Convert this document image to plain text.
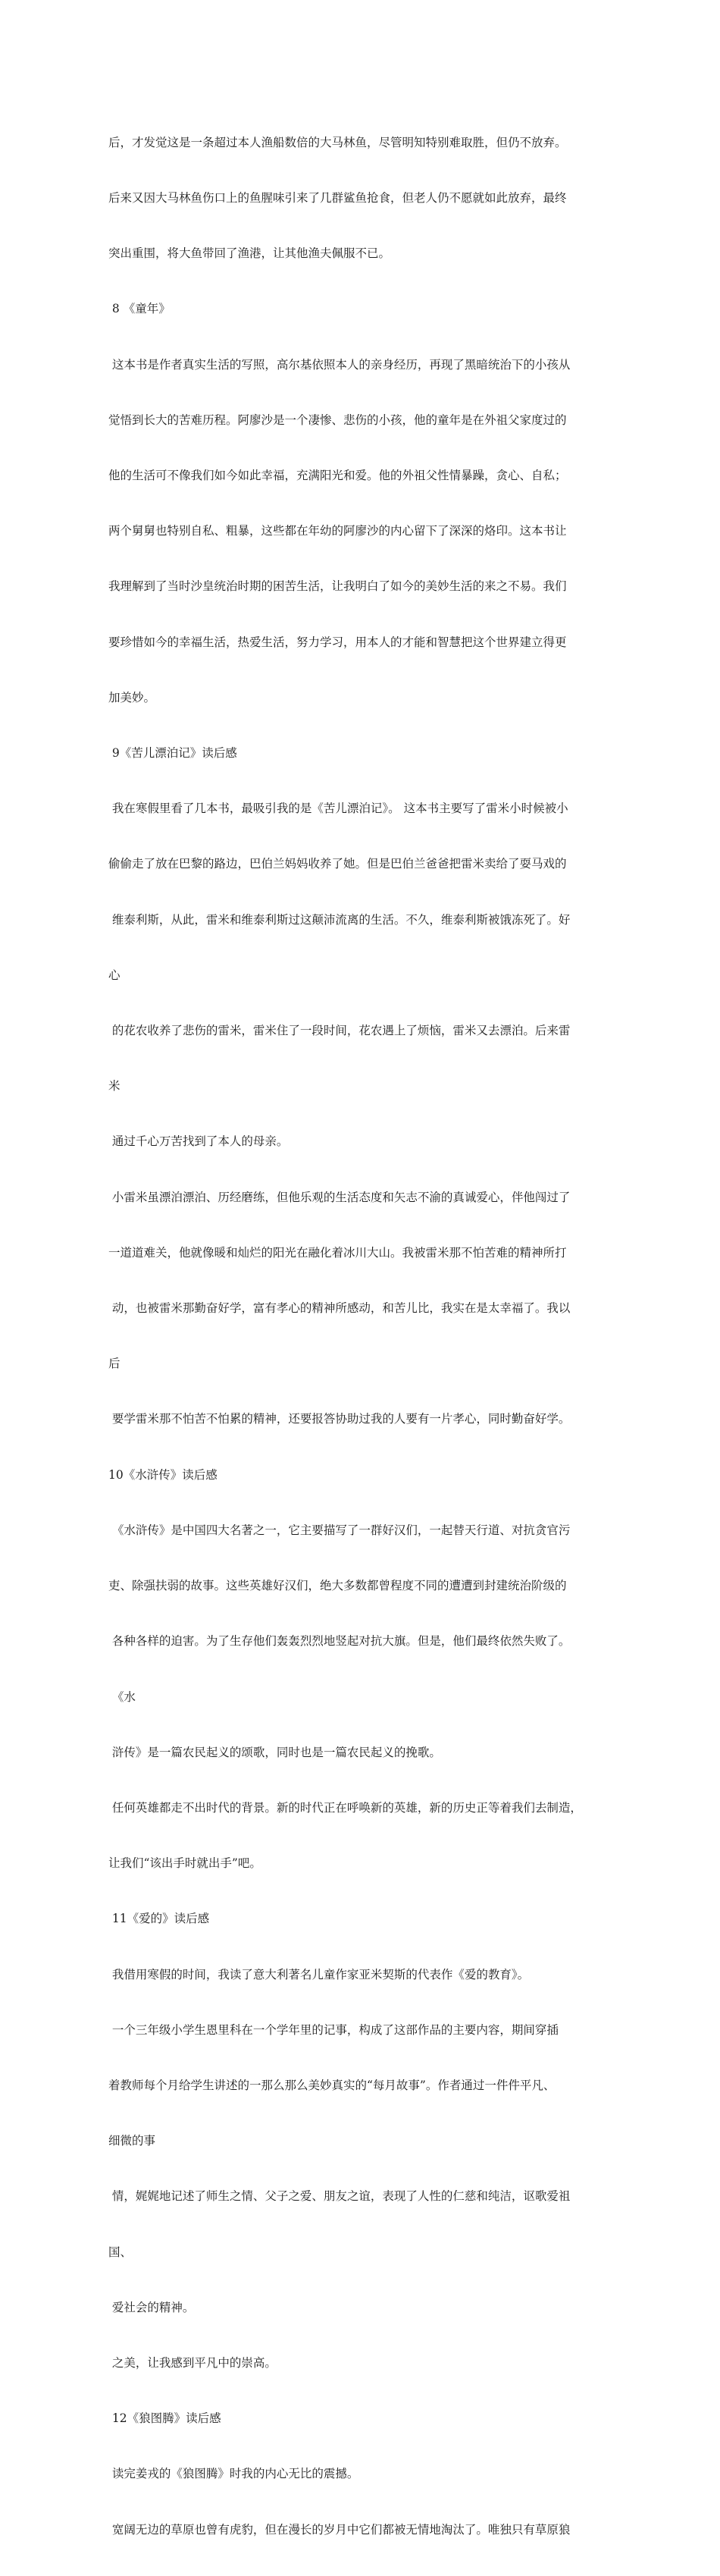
后，才发觉这是一条超过本人渔船数倍的大马林鱼，尽管明知特别难取胜，但仍不放弃。

后来又因大马林鱼伤口上的鱼腥味引来了几群鲨鱼抢食，但老人仍不愿就如此放弃，最终

突出重围，将大鱼带回了渔港，让其他渔夫佩服不已。

8 《童年》

这本书是作者真实生活的写照，高尔基依照本人的亲身经历，再现了黑暗统治下的小孩从

觉悟到长大的苦难历程。阿廖沙是一个凄惨、悲伤的小孩，他的童年是在外祖父家度过的

他的生活可不像我们如今如此幸福，充满阳光和爱。他的外祖父性情暴躁，贪心、自私；

两个舅舅也特别自私、粗暴，这些都在年幼的阿廖沙的内心留下了深深的烙印。这本书让

我理解到了当时沙皇统治时期的困苦生活，让我明白了如今的美妙生活的来之不易。我们

要珍惜如今的幸福生活，热爱生活，努力学习，用本人的才能和智慧把这个世界建立得更

加美妙。

9《苦儿漂泊记》读后感

我在寒假里看了几本书，最吸引我的是《苦儿漂泊记》。 这本书主要写了雷米小时候被小

偷偷走了放在巴黎的路边，巴伯兰妈妈收养了她。但是巴伯兰爸爸把雷米卖给了耍马戏的

维泰利斯，从此，雷米和维泰利斯过这颠沛流离的生活。不久，维泰利斯被饿冻死了。好

心

的花农收养了悲伤的雷米，雷米住了一段时间，花农遇上了烦恼，雷米又去漂泊。后来雷

米

通过千心万苦找到了本人的母亲。

小雷米虽漂泊漂泊、历经磨练，但他乐观的生活态度和矢志不渝的真诚爱心，伴他闯过了

一道道难关，他就像暖和灿烂的阳光在融化着冰川大山。我被雷米那不怕苦难的精神所打

动，也被雷米那勤奋好学，富有孝心的精神所感动，和苦儿比，我实在是太幸福了。我以

后

要学雷米那不怕苦不怕累的精神，还要报答协助过我的人要有一片孝心，同时勤奋好学。

10《水浒传》读后感

《水浒传》是中国四大名著之一，它主要描写了一群好汉们，一起替天行道、对抗贪官污

吏、除强扶弱的故事。这些英雄好汉们，绝大多数都曾程度不同的遭遭到封建统治阶级的

各种各样的迫害。为了生存他们轰轰烈烈地竖起对抗大旗。但是，他们最终依然失败了。

《水

浒传》是一篇农民起义的颂歌，同时也是一篇农民起义的挽歌。

任何英雄都走不出时代的背景。新的时代正在呼唤新的英雄，新的历史正等着我们去制造，

让我们“该出手时就出手”吧。

11《爱的》读后感

我借用寒假的时间，我读了意大利著名儿童作家亚米契斯的代表作《爱的教育》。

一个三年级小学生恩里科在一个学年里的记事，构成了这部作品的主要内容，期间穿插

着教师每个月给学生讲述的一那么那么美妙真实的“每月故事”。作者通过一件件平凡、

细微的事

情，娓娓地记述了师生之情、父子之爱、朋友之谊，表现了人性的仁慈和纯洁，讴歌爱祖

国、

爱社会的精神。

之美，让我感到平凡中的崇高。

12《狼图腾》读后感

读完姜戎的《狼图腾》时我的内心无比的震撼。

宽阔无边的草原也曾有虎豹，但在漫长的岁月中它们都被无情地淘汰了。唯独只有草原狼
